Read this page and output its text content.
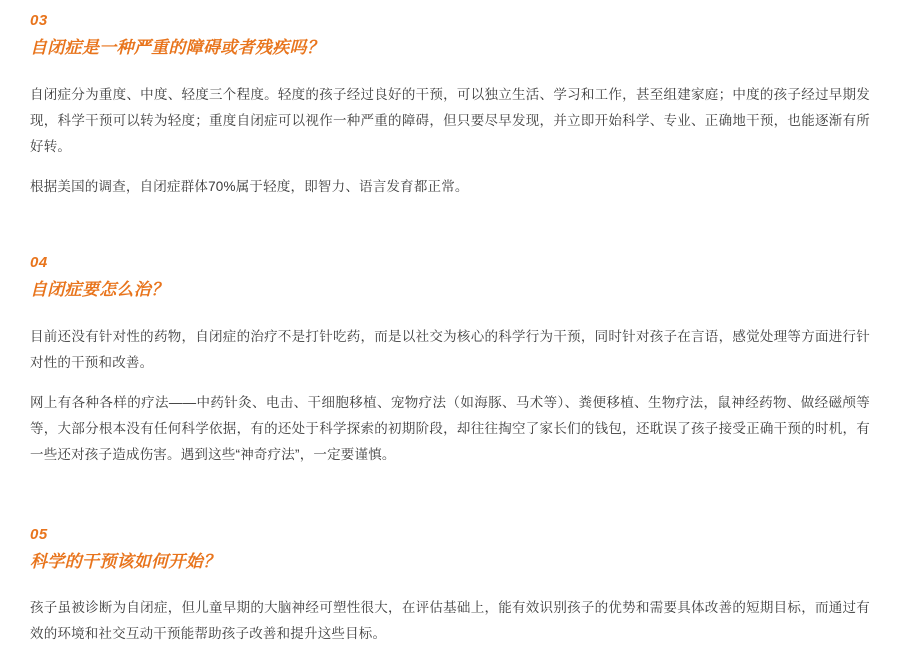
03
自闭症是一种严重的障碍或者残疾吗？

自闭症分为重度、中度、轻度三个程度。轻度的孩子经过良好的干预，可以独立生活、学习和工作，甚至组建家庭；中度的孩子经过早期发现，科学干预可以转为轻度；重度自闭症可以视作一种严重的障碍，但只要尽早发现，并立即开始科学、专业、正确地干预，也能逐渐有所好转。

根据美国的调查，自闭症群体70%属于轻度，即智力、语言发育都正常。

04
自闭症要怎么治？

目前还没有针对性的药物，自闭症的治疗不是打针吃药，而是以社交为核心的科学行为干预，同时针对孩子在言语，感觉处理等方面进行针对性的干预和改善。

网上有各种各样的疗法——中药针灸、电击、干细胞移植、宠物疗法（如海豚、马术等）、粪便移植、生物疗法，鼠神经药物、做经磁颅等等，大部分根本没有任何科学依据，有的还处于科学探索的初期阶段，却往往掏空了家长们的钱包，还耽误了孩子接受正确干预的时机，有一些还对孩子造成伤害。遇到这些“神奇疗法”，一定要谨慎。

05
科学的干预该如何开始？

孩子虽被诊断为自闭症，但儿童早期的大脑神经可塑性很大，在评估基础上，能有效识别孩子的优势和需要具体改善的短期目标，而通过有效的环境和社交互动干预能帮助孩子改善和提升这些目标。
